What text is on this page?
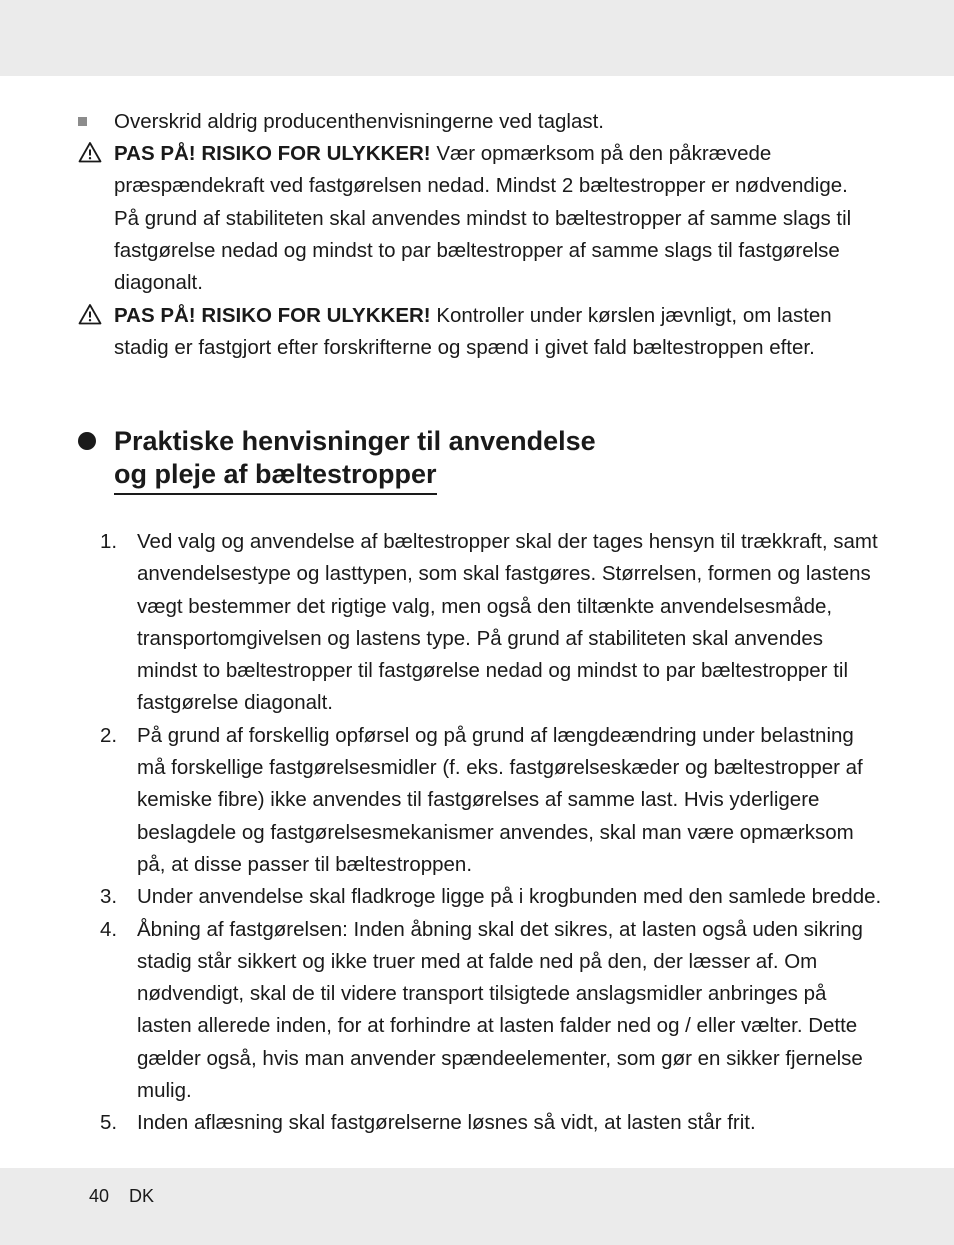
Overskrid aldrig producenthenvisningerne ved taglast.
PAS PÅ! RISIKO FOR ULYKKER! Vær opmærksom på den påkrævede præspændekraft ved fastgørelsen nedad. Mindst 2 bæltestropper er nødvendige. På grund af stabiliteten skal anvendes mindst to bæltestropper af samme slags til fastgørelse nedad og mindst to par bæltestropper af samme slags til fastgørelse diagonalt.
PAS PÅ! RISIKO FOR ULYKKER! Kontroller under kørslen jævnligt, om lasten stadig er fastgjort efter forskrifterne og spænd i givet fald bæltestroppen efter.
Praktiske henvisninger til anvendelse
og pleje af bæltestropper
1. Ved valg og anvendelse af bæltestropper skal der tages hensyn til trækkraft, samt anvendelsestype og lasttypen, som skal fastgøres. Størrelsen, formen og lastens vægt bestemmer det rigtige valg, men også den tiltænkte anvendelsesmåde, transportomgivelsen og lastens type. På grund af stabiliteten skal anvendes mindst to bæltestropper til fastgørelse nedad og mindst to par bæltestropper til fastgørelse diagonalt.
2. På grund af forskellig opførsel og på grund af længdeændring under belastning må forskellige fastgørelsesmidler (f. eks. fastgørelseskæder og bæltestropper af kemiske fibre) ikke anvendes til fastgørelses af samme last. Hvis yderligere beslagdele og fastgørelsesmekanismer anvendes, skal man være opmærksom på, at disse passer til bæltestroppen.
3. Under anvendelse skal fladkroge ligge på i krogbunden med den samlede bredde.
4. Åbning af fastgørelsen: Inden åbning skal det sikres, at lasten også uden sikring stadig står sikkert og ikke truer med at falde ned på den, der læsser af. Om nødvendigt, skal de til videre transport tilsigtede anslagsmidler anbringes på lasten allerede inden, for at forhindre at lasten falder ned og / eller vælter. Dette gælder også, hvis man anvender spændeelementer, som gør en sikker fjernelse mulig.
5. Inden aflæsning skal fastgørelserne løsnes så vidt, at lasten står frit.
40 DK
